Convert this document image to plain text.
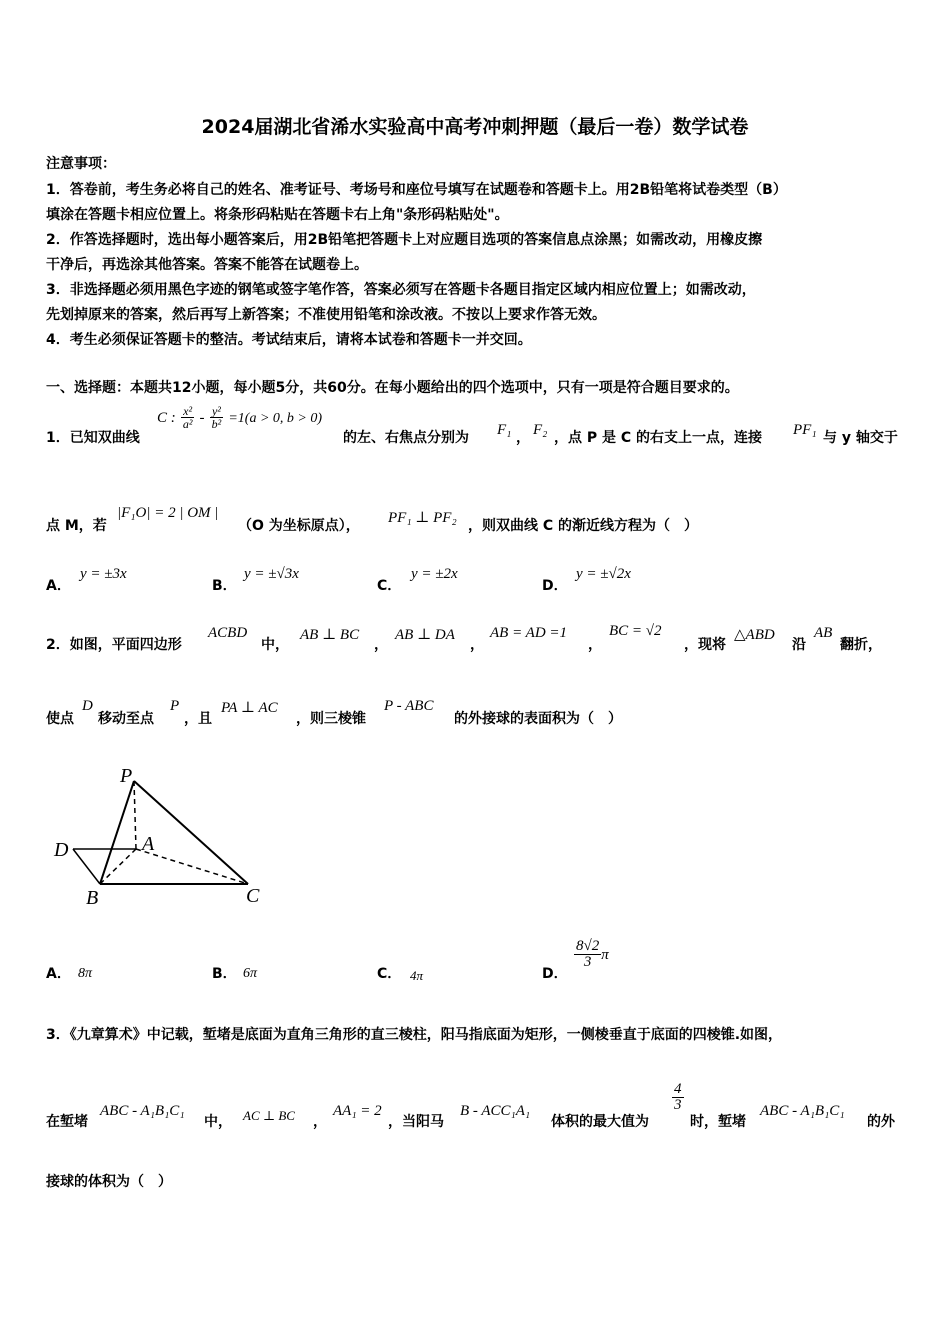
2024届湖北省浠水实验高中高考冲刺押题（最后一卷）数学试卷
注意事项：
1．答卷前，考生务必将自己的姓名、准考证号、考场号和座位号填写在试题卷和答题卡上。用2B铅笔将试卷类型（B）
填涂在答题卡相应位置上。将条形码粘贴在答题卡右上角"条形码粘贴处"。
2．作答选择题时，选出每小题答案后，用2B铅笔把答题卡上对应题目选项的答案信息点涂黑；如需改动，用橡皮擦
干净后，再选涂其他答案。答案不能答在试题卷上。
3．非选择题必须用黑色字迹的钢笔或签字笔作答，答案必须写在答题卡各题目指定区域内相应位置上；如需改动，
先划掉原来的答案，然后再写上新答案；不准使用铅笔和涂改液。不按以上要求作答无效。
4．考生必须保证答题卡的整洁。考试结束后，请将本试卷和答题卡一并交回。
一、选择题：本题共12小题，每小题5分，共60分。在每小题给出的四个选项中，只有一项是符合题目要求的。
1．已知双曲线
C : $\frac{\text{x²}}{\text{a²}} - \frac{\text{y²}}{\text{b²}} =1(a > 0$, b > 0)
的左、右焦点分别为 F₁ ， F₂ ，点 P 是 C 的右支上一点，连接 PF₁ 与 y 轴交于
点 M，若
|F₁O| = 2 | OM |
（O 为坐标原点）， PF₁ ⊥ PF₂ ，则双曲线 C 的渐近线方程为（　）
A．
y = ±3x
B．
y = ±√3x
C．
y = ±2x
D．
y = ±√2x
2．如图，平面四边形
ACBD
中，
AB ⊥ BC
，
AB ⊥ DA
，
AB = AD =1
，
BC = √2
，现将
△ABD
沿
AB
翻折，
使点
D
移动至点
P
，且
PA ⊥ AC
，则三棱锥
P - ABC
的外接球的表面积为（　）
P
A
D
B	C
A． 8π	B． 6π	C． 4π	D．
$\frac{8√2}{3}$ π
3．《九章算术》中记载，堑堵是底面为直角三角形的直三棱柱，阳马指底面为矩形，一侧棱垂直于底面的四棱锥.如图，
在堑堵
ABC - A₁B₁C₁
中， AC ⊥ BC ，
AA₁ = 2
，当阳马
B - ACC₁A₁
体积的最大值为
$\frac{4}{3}$
时，堑堵
ABC - A₁B₁C₁
的外
接球的体积为（　）
